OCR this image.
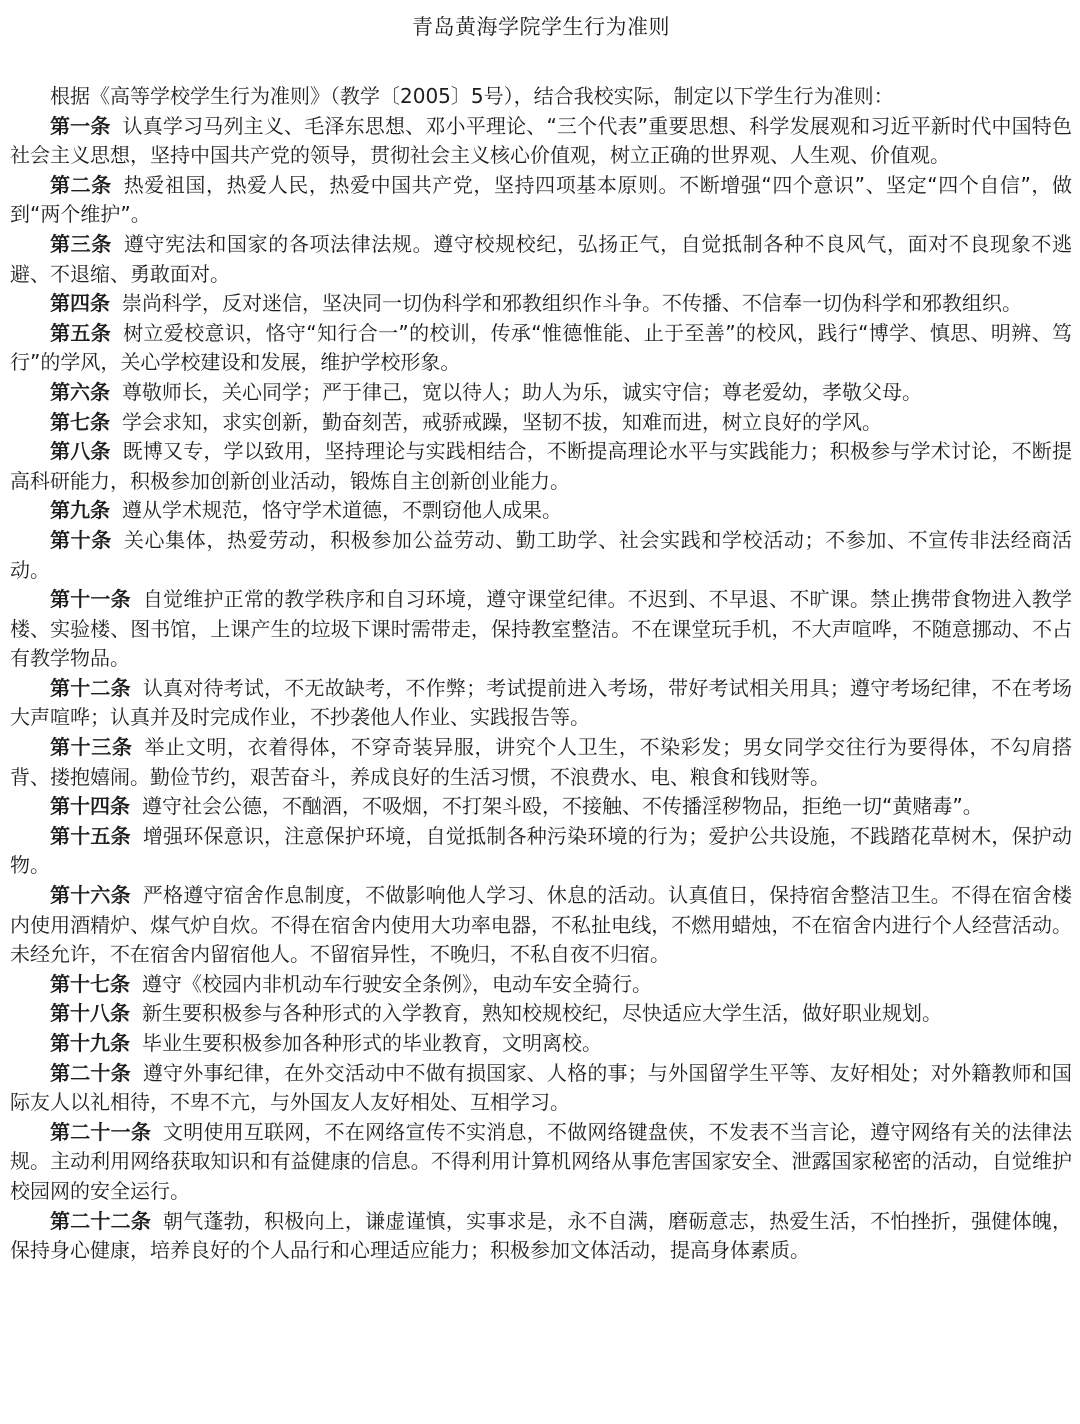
青岛黄海学院学生行为准则

根据《高等学校学生行为准则》（教学〔2005〕5号），结合我校实际，制定以下学生行为准则：

第一条 认真学习马列主义、毛泽东思想、邓小平理论、“三个代表”重要思想、科学发展观和习近平新时代中国特色社会主义思想，坚持中国共产党的领导，贯彻社会主义核心价值观，树立正确的世界观、人生观、价值观。

第二条 热爱祖国，热爱人民，热爱中国共产党，坚持四项基本原则。不断增强“四个意识”、坚定“四个自信”，做到“两个维护”。

第三条 遵守宪法和国家的各项法律法规。遵守校规校纪，弘扬正气，自觉抵制各种不良风气，面对不良现象不逃避、不退缩、勇敢面对。

第四条 崇尚科学，反对迷信，坚决同一切伪科学和邪教组织作斗争。不传播、不信奉一切伪科学和邪教组织。

第五条 树立爱校意识，恪守“知行合一”的校训，传承“惟德惟能、止于至善”的校风，践行“博学、慎思、明辨、笃行”的学风，关心学校建设和发展，维护学校形象。

第六条 尊敬师长，关心同学；严于律己，宽以待人；助人为乐，诚实守信；尊老爱幼，孝敬父母。

第七条 学会求知，求实创新，勤奋刻苦，戒骄戒躁，坚韧不拔，知难而进，树立良好的学风。

第八条 既博又专，学以致用，坚持理论与实践相结合，不断提高理论水平与实践能力；积极参与学术讨论，不断提高科研能力，积极参加创新创业活动，锻炼自主创新创业能力。

第九条 遵从学术规范，恪守学术道德，不剽窃他人成果。

第十条 关心集体，热爱劳动，积极参加公益劳动、勤工助学、社会实践和学校活动；不参加、不宣传非法经商活动。

第十一条 自觉维护正常的教学秩序和自习环境，遵守课堂纪律。不迟到、不早退、不旷课。禁止携带食物进入教学楼、实验楼、图书馆，上课产生的垃圾下课时需带走，保持教室整洁。不在课堂玩手机，不大声喧哗，不随意挪动、不占有教学物品。

第十二条 认真对待考试，不无故缺考，不作弊；考试提前进入考场，带好考试相关用具；遵守考场纪律，不在考场大声喧哗；认真并及时完成作业，不抄袭他人作业、实践报告等。

第十三条 举止文明，衣着得体，不穿奇装异服，讲究个人卫生，不染彩发；男女同学交往行为要得体，不勾肩搭背、搂抱嬉闹。勤俭节约，艰苦奋斗，养成良好的生活习惯，不浪费水、电、粮食和钱财等。

第十四条 遵守社会公德，不酗酒，不吸烟，不打架斗殴，不接触、不传播淫秽物品，拒绝一切“黄赌毒”。

第十五条 增强环保意识，注意保护环境，自觉抵制各种污染环境的行为；爱护公共设施，不践踏花草树木，保护动物。

第十六条 严格遵守宿舍作息制度，不做影响他人学习、休息的活动。认真值日，保持宿舍整洁卫生。不得在宿舍楼内使用酒精炉、煤气炉自炊。不得在宿舍内使用大功率电器，不私扯电线，不燃用蜡烛，不在宿舍内进行个人经营活动。未经允许，不在宿舍内留宿他人。不留宿异性，不晚归，不私自夜不归宿。

第十七条 遵守《校园内非机动车行驶安全条例》，电动车安全骑行。

第十八条 新生要积极参与各种形式的入学教育，熟知校规校纪，尽快适应大学生活，做好职业规划。

第十九条 毕业生要积极参加各种形式的毕业教育，文明离校。

第二十条 遵守外事纪律，在外交活动中不做有损国家、人格的事；与外国留学生平等、友好相处；对外籍教师和国际友人以礼相待，不卑不亢，与外国友人友好相处、互相学习。

第二十一条 文明使用互联网，不在网络宣传不实消息，不做网络键盘侠，不发表不当言论，遵守网络有关的法律法规。主动利用网络获取知识和有益健康的信息。不得利用计算机网络从事危害国家安全、泄露国家秘密的活动，自觉维护校园网的安全运行。

第二十二条 朝气蓬勃，积极向上，谦虚谨慎，实事求是，永不自满，磨砺意志，热爱生活，不怕挫折，强健体魄，保持身心健康，培养良好的个人品行和心理适应能力；积极参加文体活动，提高身体素质。
